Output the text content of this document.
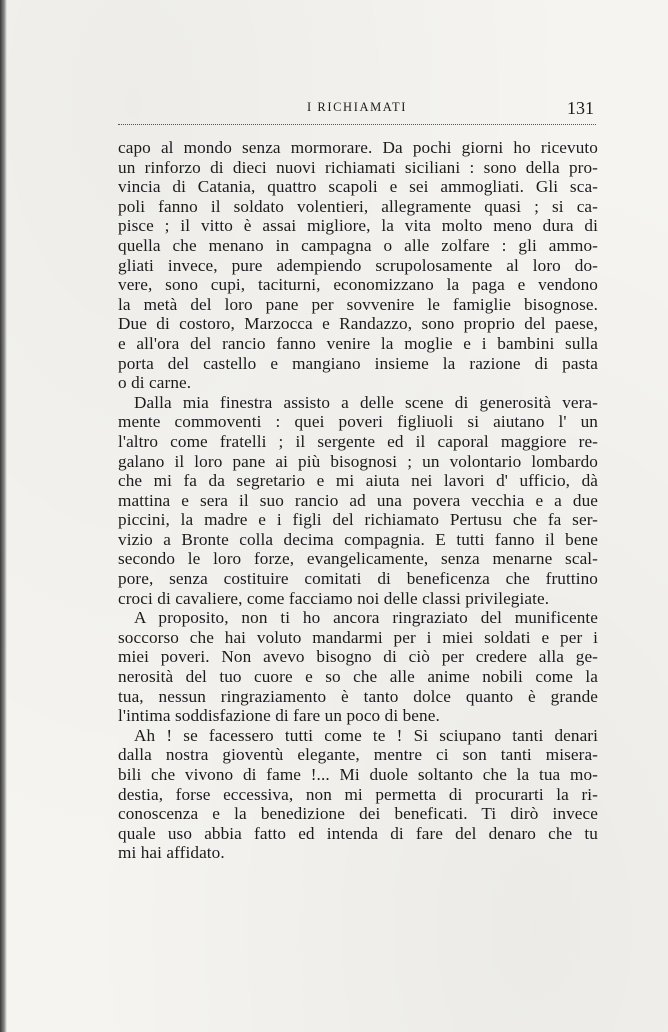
I RICHIAMATI	131
capo al mondo senza mormorare. Da pochi giorni ho ricevuto
un rinforzo di dieci nuovi richiamati siciliani : sono della pro-
vincia di Catania, quattro scapoli e sei ammogliati. Gli sca-
poli fanno il soldato volentieri, allegramente quasi ; si ca-
pisce ; il vitto è assai migliore, la vita molto meno dura di
quella che menano in campagna o alle zolfare : gli ammo-
gliati invece, pure adempiendo scrupolosamente al loro do-
vere, sono cupi, taciturni, economizzano la paga e vendono
la metà del loro pane per sovvenire le famiglie bisognose.
Due di costoro, Marzocca e Randazzo, sono proprio del paese,
e all'ora del rancio fanno venire la moglie e i bambini sulla
porta del castello e mangiano insieme la razione di pasta
o di carne.
Dalla mia finestra assisto a delle scene di generosità vera-
mente commoventi : quei poveri figliuoli si aiutano l' un
l'altro come fratelli ; il sergente ed il caporal maggiore re-
galano il loro pane ai più bisognosi ; un volontario lombardo
che mi fa da segretario e mi aiuta nei lavori d' ufficio, dà
mattina e sera il suo rancio ad una povera vecchia e a due
piccini, la madre e i figli del richiamato Pertusu che fa ser-
vizio a Bronte colla decima compagnia. E tutti fanno il bene
secondo le loro forze, evangelicamente, senza menarne scal-
pore, senza costituire comitati di beneficenza che fruttino
croci di cavaliere, come facciamo noi delle classi privilegiate.
A proposito, non ti ho ancora ringraziato del munificente
soccorso che hai voluto mandarmi per i miei soldati e per i
miei poveri. Non avevo bisogno di ciò per credere alla ge-
nerosità del tuo cuore e so che alle anime nobili come la
tua, nessun ringraziamento è tanto dolce quanto è grande
l'intima soddisfazione di fare un poco di bene.
Ah ! se facessero tutti come te ! Si sciupano tanti denari
dalla nostra gioventù elegante, mentre ci son tanti misera-
bili che vivono di fame !... Mi duole soltanto che la tua mo-
destia, forse eccessiva, non mi permetta di procurarti la ri-
conoscenza e la benedizione dei beneficati. Ti dirò invece
quale uso abbia fatto ed intenda di fare del denaro che tu
mi hai affidato.
